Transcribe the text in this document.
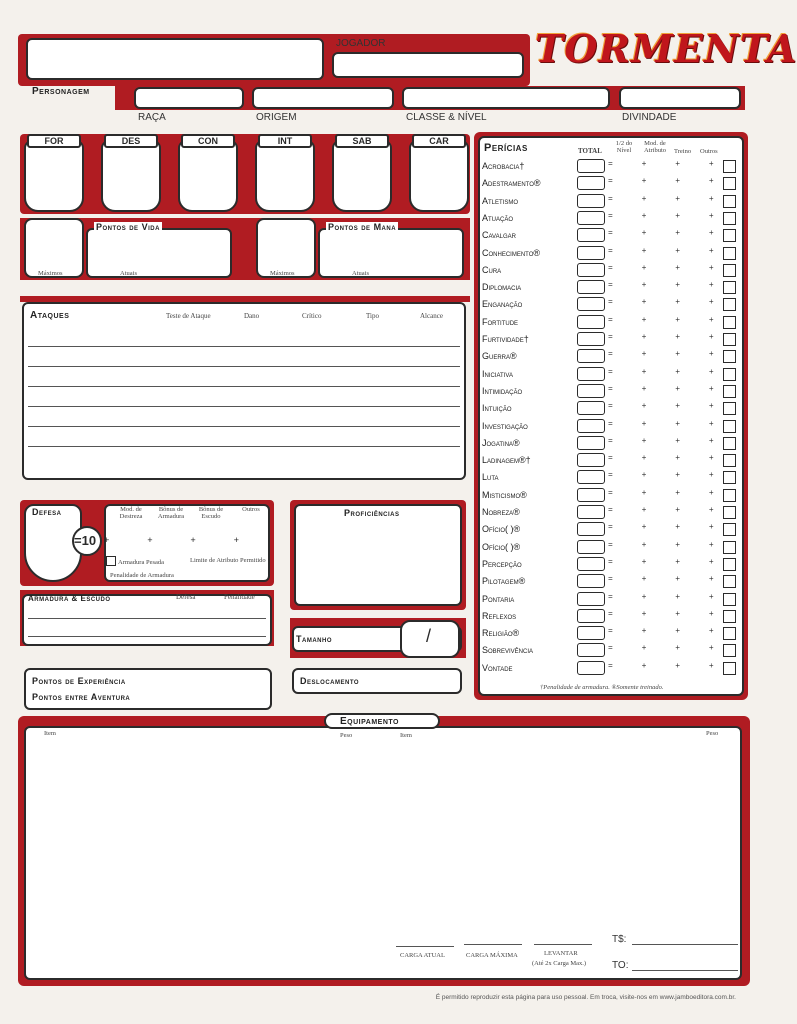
JOGADOR	TORMENTA
Personagem
RAÇA	ORIGEM	CLASSE & NÍVEL	DIVINDADE
FOR	DES	CON	INT	SAB	CAR
Pontos de Vida
Máximos	Atuais
Pontos de Mana
Máximos	Atuais
Ataques	Teste de Ataque	Dano	Crítico	Tipo	Alcance
Defesa
=10
Mod. de Destreza
Bônus de Armadura
Bônus de Escudo
Outros
+       +       +       +
Armadura Pesada	Limite de Atributo Permitido
Penalidade de Armadura
Proficiências
Armadura & Escudo	Defesa	Penalidade
Tamanho	/
Pontos de Experiência
Pontos entre Aventura
Deslocamento
Perícias	TOTAL
1/2 do Nível
Mod. de Atributo	Treino Outros
Acrobacia†	=      +      +      +
Adestramento®	=      +      +      +
Atletismo	=      +      +      +
Atuação	=      +      +      +
Cavalgar	=      +      +      +
Conhecimento®	=      +      +      +
Cura	=      +      +      +
Diplomacia	=      +      +      +
Enganação	=      +      +      +
Fortitude	=      +      +      +
Furtividade†	=      +      +      +
Guerra®	=      +      +      +
Iniciativa	=      +      +      +
Intimidação	=      +      +      +
Intuição	=      +      +      +
Investigação	=      +      +      +
Jogatina®	=      +      +      +
Ladinagem®†	=      +      +      +
Luta	=      +      +      +
Misticismo®	=      +      +      +
Nobreza®	=      +      +      +
Ofício( )®	=      +      +      +
Ofício( )®	=      +      +      +
Percepção	=      +      +      +
Pilotagem®	=      +      +      +
Pontaria	=      +      +      +
Reflexos	=      +      +      +
Religião®	=      +      +      +
Sobrevivência	=      +      +      +
Vontade	=      +      +      +
†Penalidade de armadura. ®Somente treinado.
Equipamento
Item	Peso	Item	Peso
CARGA ATUAL	CARGA MÁXIMA	LEVANTAR
(Até 2x Carga Max.)
T$:
TO:
É permitido reproduzir esta página para uso pessoal. Em troca, visite-nos em www.jamboeditora.com.br.
